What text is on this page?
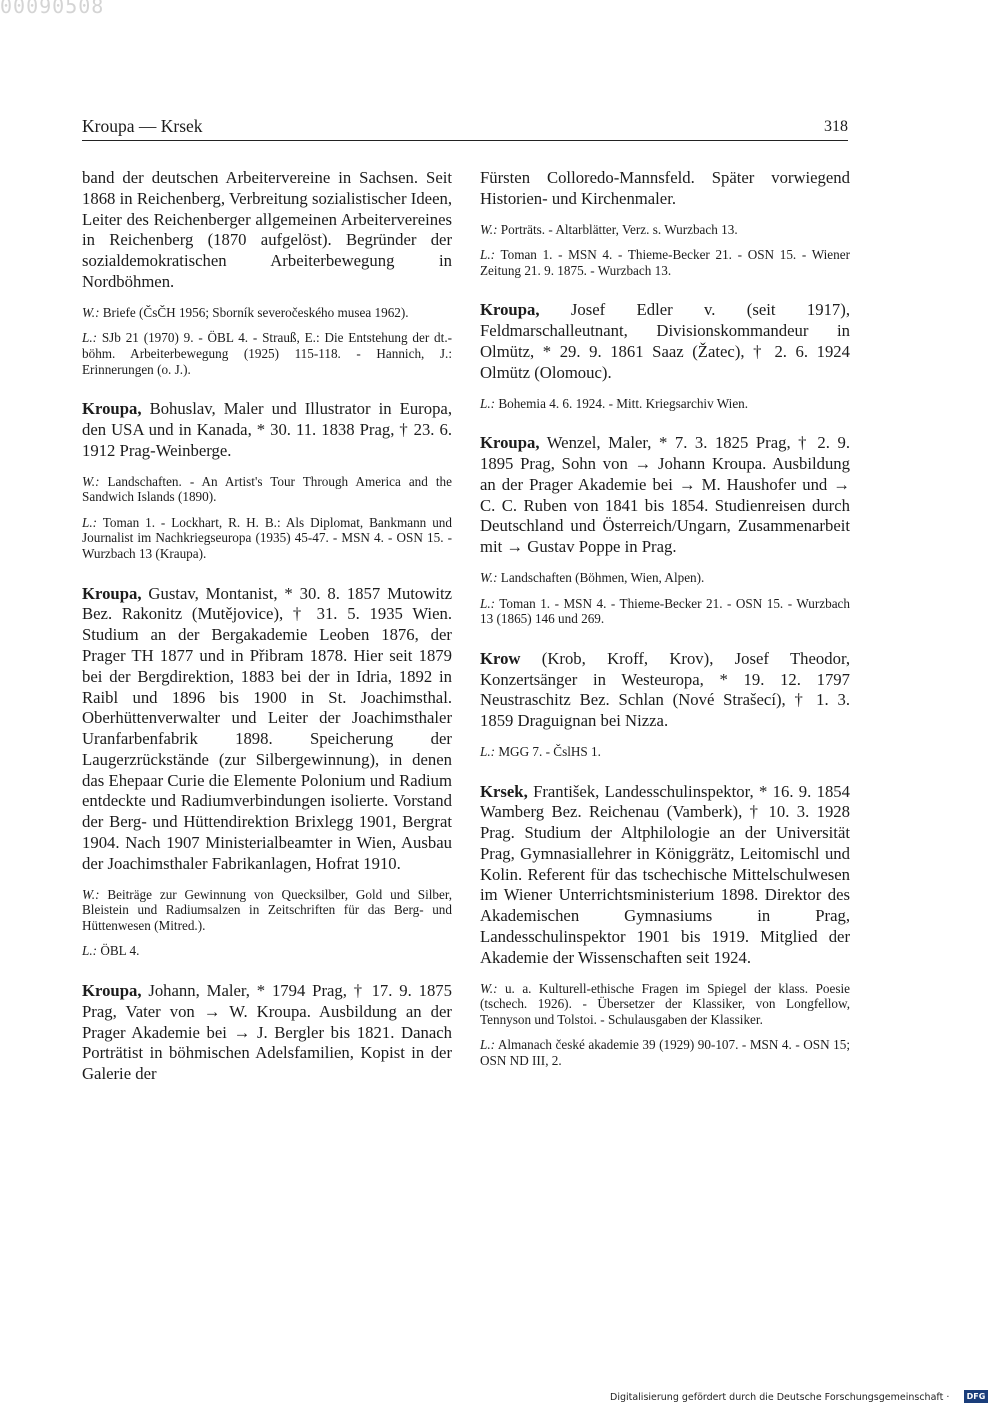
00090508
Kroupa — Krsek	318

band der deutschen Arbeitervereine in Sachsen. Seit 1868 in Reichenberg, Verbreitung sozialistischer Ideen, Leiter des Reichenberger allgemeinen Arbeitervereines in Reichenberg (1870 aufgelöst). Begründer der sozialdemokratischen Arbeiterbewegung in Nordböhmen.

W.: Briefe (ČsČH 1956; Sborník severočeského musea 1962).

L.: SJb 21 (1970) 9. - ÖBL 4. - Strauß, E.: Die Entstehung der dt.-böhm. Arbeiterbewegung (1925) 115-118. - Hannich, J.: Erinnerungen (o. J.).

Kroupa, Bohuslav, Maler und Illustrator in Europa, den USA und in Kanada, * 30. 11. 1838 Prag, † 23. 6. 1912 Prag-Weinberge.

W.: Landschaften. - An Artist's Tour Through America and the Sandwich Islands (1890).

L.: Toman 1. - Lockhart, R. H. B.: Als Diplomat, Bankmann und Journalist im Nachkriegseuropa (1935) 45-47. - MSN 4. - OSN 15. - Wurzbach 13 (Kraupa).

Kroupa, Gustav, Montanist, * 30. 8. 1857 Mutowitz Bez. Rakonitz (Mutějovice), † 31. 5. 1935 Wien. Studium an der Bergakademie Leoben 1876, der Prager TH 1877 und in Přibram 1878. Hier seit 1879 bei der Bergdirektion, 1883 bei der in Idria, 1892 in Raibl und 1896 bis 1900 in St. Joachimsthal. Oberhüttenverwalter und Leiter der Joachimsthaler Uranfarbenfabrik 1898. Speicherung der Laugerzrückstände (zur Silbergewinnung), in denen das Ehepaar Curie die Elemente Polonium und Radium entdeckte und Radiumverbindungen isolierte. Vorstand der Berg- und Hüttendirektion Brixlegg 1901, Bergrat 1904. Nach 1907 Ministerialbeamter in Wien, Ausbau der Joachimsthaler Fabrikanlagen, Hofrat 1910.

W.: Beiträge zur Gewinnung von Quecksilber, Gold und Silber, Bleistein und Radiumsalzen in Zeitschriften für das Berg- und Hüttenwesen (Mitred.).

L.: ÖBL 4.

Kroupa, Johann, Maler, * 1794 Prag, † 17. 9. 1875 Prag, Vater von → W. Kroupa. Ausbildung an der Prager Akademie bei → J. Bergler bis 1821. Danach Porträtist in böhmischen Adelsfamilien, Kopist in der Galerie der

Fürsten Colloredo-Mannsfeld. Später vorwiegend Historien- und Kirchenmaler.

W.: Porträts. - Altarblätter, Verz. s. Wurzbach 13.

L.: Toman 1. - MSN 4. - Thieme-Becker 21. - OSN 15. - Wiener Zeitung 21. 9. 1875. - Wurzbach 13.

Kroupa, Josef Edler v. (seit 1917), Feldmarschalleutnant, Divisionskommandeur in Olmütz, * 29. 9. 1861 Saaz (Žatec), † 2. 6. 1924 Olmütz (Olomouc).

L.: Bohemia 4. 6. 1924. - Mitt. Kriegsarchiv Wien.

Kroupa, Wenzel, Maler, * 7. 3. 1825 Prag, † 2. 9. 1895 Prag, Sohn von → Johann Kroupa. Ausbildung an der Prager Akademie bei → M. Haushofer und → C. C. Ruben von 1841 bis 1854. Studienreisen durch Deutschland und Österreich/Ungarn, Zusammenarbeit mit → Gustav Poppe in Prag.

W.: Landschaften (Böhmen, Wien, Alpen).

L.: Toman 1. - MSN 4. - Thieme-Becker 21. - OSN 15. - Wurzbach 13 (1865) 146 und 269.

Krow (Krob, Kroff, Krov), Josef Theodor, Konzertsänger in Westeuropa, * 19. 12. 1797 Neustraschitz Bez. Schlan (Nové Strašecí), † 1. 3. 1859 Draguignan bei Nizza.

L.: MGG 7. - ČslHS 1.

Krsek, František, Landesschulinspektor, * 16. 9. 1854 Wamberg Bez. Reichenau (Vamberk), † 10. 3. 1928 Prag. Studium der Altphilologie an der Universität Prag, Gymnasiallehrer in Königgrätz, Leitomischl und Kolin. Referent für das tschechische Mittelschulwesen im Wiener Unterrichtsministerium 1898. Direktor des Akademischen Gymnasiums in Prag, Landesschulinspektor 1901 bis 1919. Mitglied der Akademie der Wissenschaften seit 1924.

W.: u. a. Kulturell-ethische Fragen im Spiegel der klass. Poesie (tschech. 1926). - Übersetzer der Klassiker, von Longfellow, Tennyson und Tolstoi. - Schulausgaben der Klassiker.

L.: Almanach české akademie 39 (1929) 90-107. - MSN 4. - OSN 15; OSN ND III, 2.

Digitalisierung gefördert durch die Deutsche Forschungsgemeinschaft ·	DFG
